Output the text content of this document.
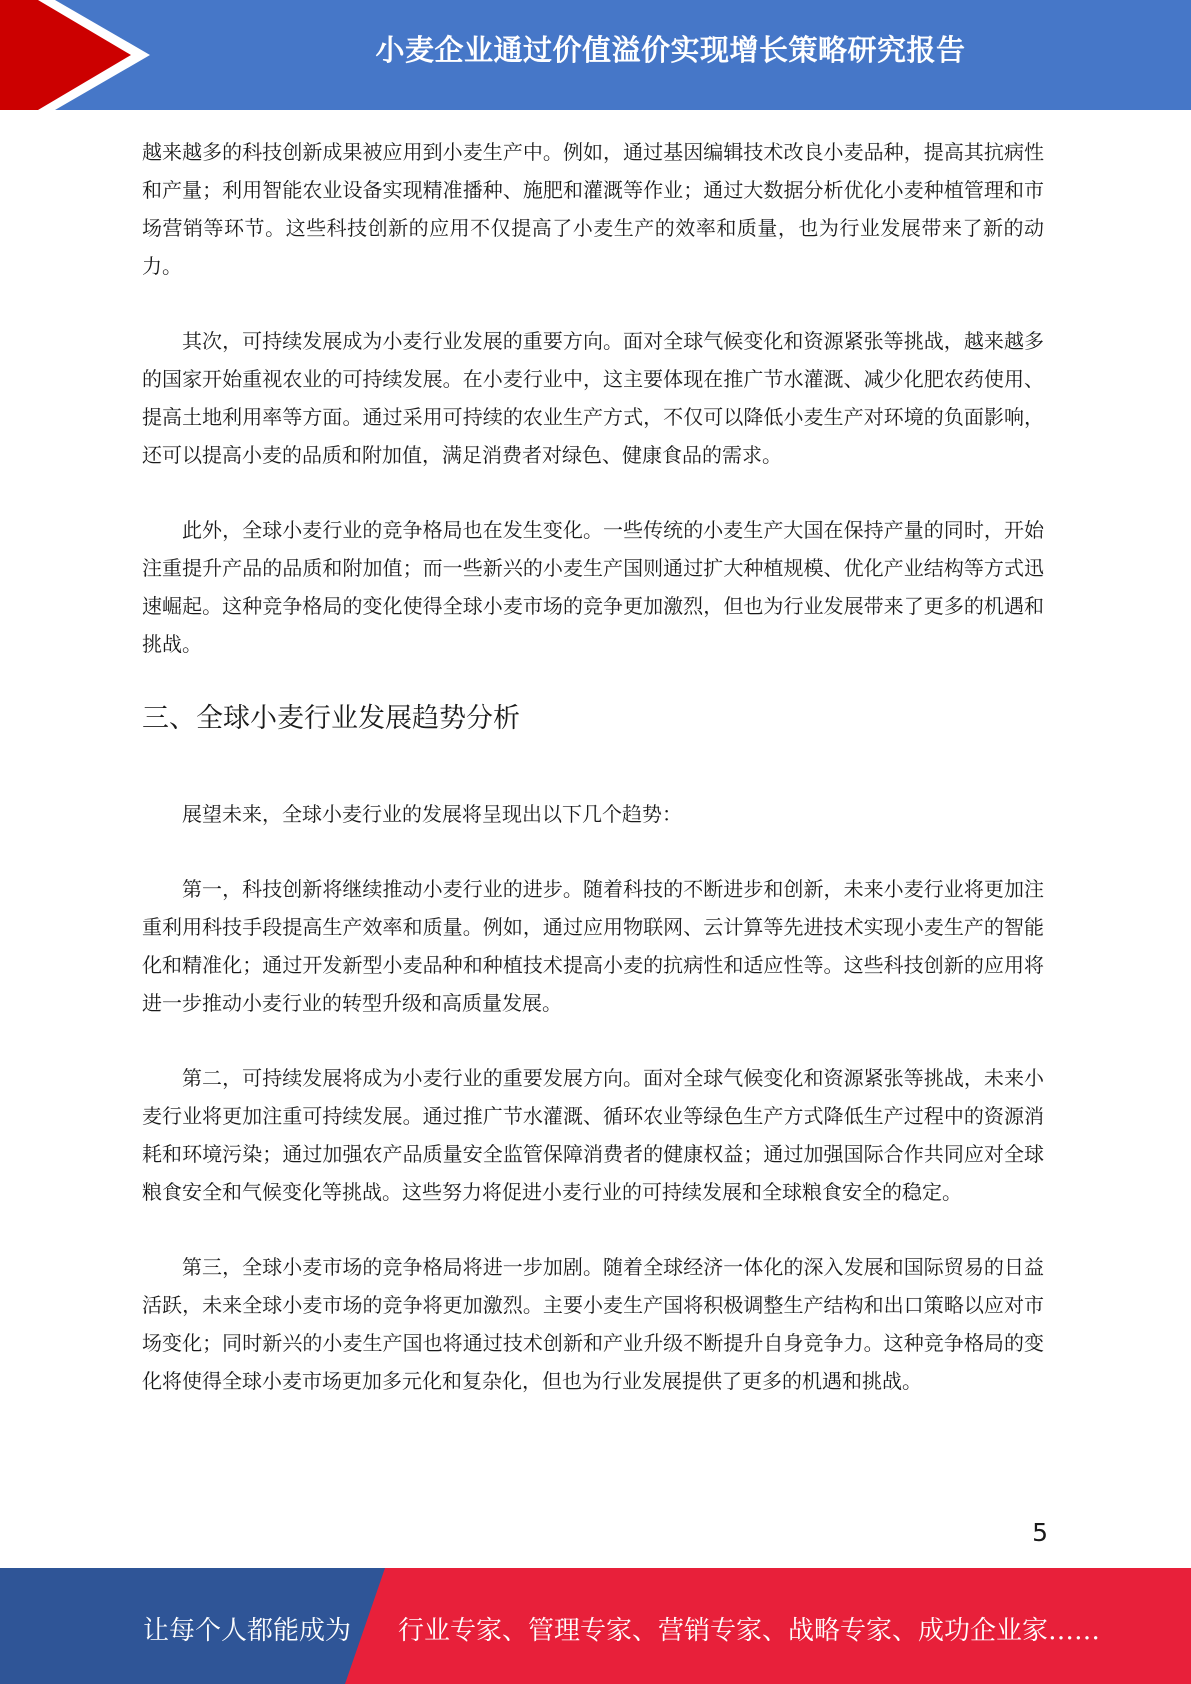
小麦企业通过价值溢价实现增长策略研究报告

越来越多的科技创新成果被应用到小麦生产中。例如，通过基因编辑技术改良小麦品种，提高其抗病性和产量；利用智能农业设备实现精准播种、施肥和灌溉等作业；通过大数据分析优化小麦种植管理和市场营销等环节。这些科技创新的应用不仅提高了小麦生产的效率和质量，也为行业发展带来了新的动力。

其次，可持续发展成为小麦行业发展的重要方向。面对全球气候变化和资源紧张等挑战，越来越多的国家开始重视农业的可持续发展。在小麦行业中，这主要体现在推广节水灌溉、减少化肥农药使用、提高土地利用率等方面。通过采用可持续的农业生产方式，不仅可以降低小麦生产对环境的负面影响，还可以提高小麦的品质和附加值，满足消费者对绿色、健康食品的需求。

此外，全球小麦行业的竞争格局也在发生变化。一些传统的小麦生产大国在保持产量的同时，开始注重提升产品的品质和附加值；而一些新兴的小麦生产国则通过扩大种植规模、优化产业结构等方式迅速崛起。这种竞争格局的变化使得全球小麦市场的竞争更加激烈，但也为行业发展带来了更多的机遇和挑战。

三、全球小麦行业发展趋势分析

展望未来，全球小麦行业的发展将呈现出以下几个趋势：

第一，科技创新将继续推动小麦行业的进步。随着科技的不断进步和创新，未来小麦行业将更加注重利用科技手段提高生产效率和质量。例如，通过应用物联网、云计算等先进技术实现小麦生产的智能化和精准化；通过开发新型小麦品种和种植技术提高小麦的抗病性和适应性等。这些科技创新的应用将进一步推动小麦行业的转型升级和高质量发展。

第二，可持续发展将成为小麦行业的重要发展方向。面对全球气候变化和资源紧张等挑战，未来小麦行业将更加注重可持续发展。通过推广节水灌溉、循环农业等绿色生产方式降低生产过程中的资源消耗和环境污染；通过加强农产品质量安全监管保障消费者的健康权益；通过加强国际合作共同应对全球粮食安全和气候变化等挑战。这些努力将促进小麦行业的可持续发展和全球粮食安全的稳定。

第三，全球小麦市场的竞争格局将进一步加剧。随着全球经济一体化的深入发展和国际贸易的日益活跃，未来全球小麦市场的竞争将更加激烈。主要小麦生产国将积极调整生产结构和出口策略以应对市场变化；同时新兴的小麦生产国也将通过技术创新和产业升级不断提升自身竞争力。这种竞争格局的变化将使得全球小麦市场更加多元化和复杂化，但也为行业发展提供了更多的机遇和挑战。

5
让每个人都能成为 行业专家、管理专家、营销专家、战略专家、成功企业家……
